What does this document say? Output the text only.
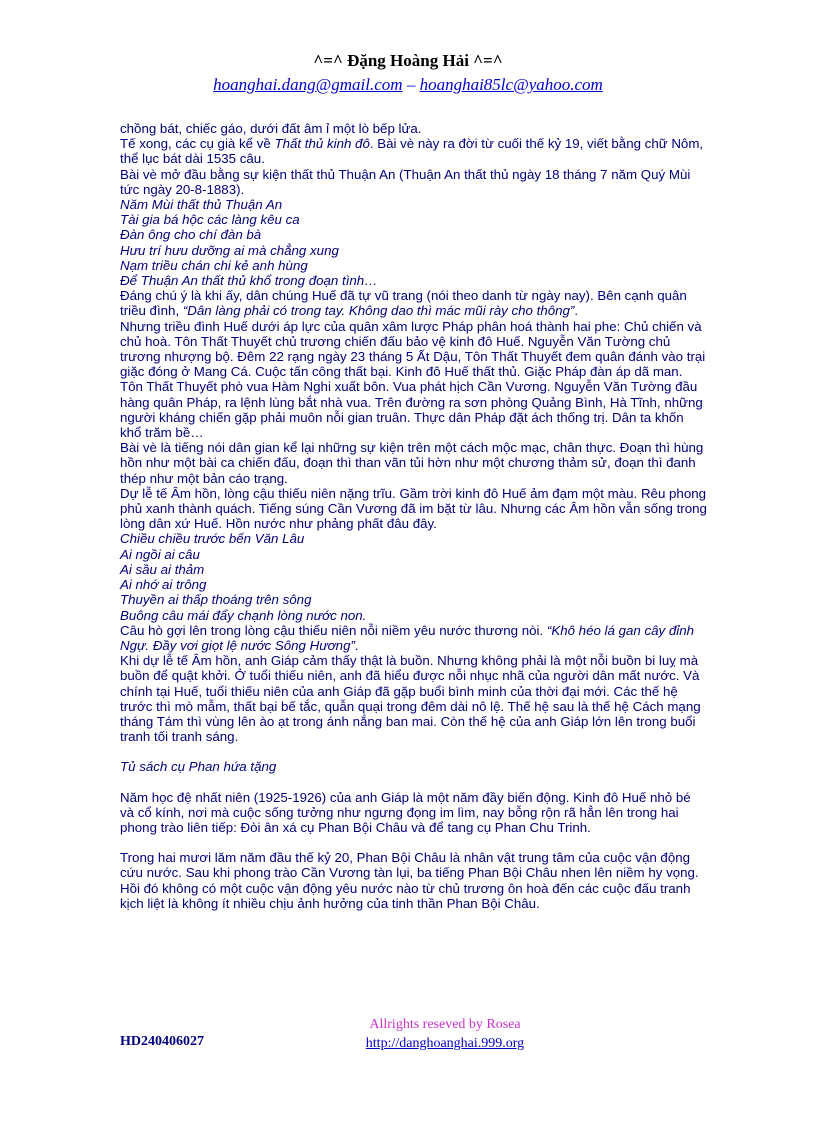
^=^ Đặng Hoàng Hải ^=^
hoanghai.dang@gmail.com – hoanghai85lc@yahoo.com

chồng bát, chiếc gáo, dưới đất âm ỉ một lò bếp lửa.

Tế xong, các cụ già kể về Thất thủ kinh đô. Bài vè này ra đời từ cuối thế kỷ 19, viết bằng chữ Nôm, thể lục bát dài 1535 câu.

Bài vè mở đầu bằng sự kiện thất thủ Thuận An (Thuận An thất thủ ngày 18 tháng 7 năm Quý Mùi tức ngày 20-8-1883).

Năm Mùi thất thủ Thuận An

Tài gia bá hộc các làng kêu ca

Đàn ông cho chí đàn bà

Hưu trí hưu dưỡng ai mà chẳng xung

Nạm triều chán chi kẻ anh hùng

Để Thuận An thất thủ khổ trong đoạn tình…

Đáng chú ý là khi ấy, dân chúng Huế đã tự vũ trang (nói theo danh từ ngày nay). Bên cạnh quân triều đình, “Dân làng phải có trong tay. Không dao thì mác mũi rày cho thông”.

Nhưng triều đình Huế dưới áp lực của quân xâm lược Pháp phân hoá thành hai phe: Chủ chiến và chủ hoà. Tôn Thất Thuyết chủ trương chiến đấu bảo vệ kinh đô Huế. Nguyễn Văn Tường chủ trương nhượng bộ. Đêm 22 rạng ngày 23 tháng 5 Ất Dậu, Tôn Thất Thuyết đem quân đánh vào trại giặc đóng ở Mang Cá. Cuộc tấn công thất bại. Kinh đô Huế thất thủ. Giặc Pháp đàn áp dã man.

Tôn Thất Thuyết phò vua Hàm Nghi xuất bôn. Vua phát hịch Cần Vương. Nguyễn Văn Tường đầu hàng quân Pháp, ra lệnh lùng bắt nhà vua. Trên đường ra sơn phòng Quảng Bình, Hà Tĩnh, những người kháng chiến gặp phải muôn nỗi gian truân. Thực dân Pháp đặt ách thống trị. Dân ta khốn khổ trăm bề…

Bài vè là tiếng nói dân gian kể lại những sự kiện trên một cách mộc mạc, chân thực. Đoạn thì hùng hồn như một bài ca chiến đấu, đoạn thì than vãn tủi hờn như một chương thảm sử, đoạn thì đanh thép như một bản cáo trạng.

Dự lễ tế Âm hồn, lòng cậu thiếu niên nặng trĩu. Gầm trời kinh đô Huế ảm đạm một màu. Rêu phong phủ xanh thành quách. Tiếng súng Cần Vương đã im bặt từ lâu. Nhưng các Âm hồn vẫn sống trong lòng dân xứ Huế. Hồn nước như phảng phất đâu đây.

Chiều chiều trước bến Văn Lâu

Ai ngồi ai câu

Ai sầu ai thảm

Ai nhớ ai trông

Thuyền ai thấp thoáng trên sông

Buông câu mái đẩy chạnh lòng nước non.

Câu hò gợi lên trong lòng cậu thiếu niên nỗi niềm yêu nước thương nòi. “Khô héo lá gan cây đỉnh Ngự. Đầy vơi giọt lệ nước Sông Hương”.

Khi dự lễ tế Âm hồn, anh Giáp cảm thấy thật là buồn. Nhưng không phải là một nỗi buồn bi luỵ mà buồn để quật khởi. Ở tuổi thiếu niên, anh đã hiểu được nỗi nhục nhã của người dân mất nước. Và chính tại Huế, tuổi thiếu niên của anh Giáp đã gặp buổi bình minh của thời đại mới. Các thế hệ trước thì mò mẫm, thất bại bế tắc, quẫn quại trong đêm dài nô lệ. Thế hệ sau là thế hệ Cách mạng tháng Tám thì vùng lên ào ạt trong ánh nắng ban mai. Còn thế hệ của anh Giáp lớn lên trong buổi tranh tối tranh sáng.

Tủ sách cụ Phan hứa tặng

Năm học đệ nhất niên (1925-1926) của anh Giáp là một năm đầy biến động. Kinh đô Huế nhỏ bé và cổ kính, nơi mà cuộc sống tưởng như ngưng đọng im lìm, nay bỗng rộn rã hẳn lên trong hai phong trào liên tiếp: Đòi ân xá cụ Phan Bội Châu và để tang cụ Phan Chu Trinh.

Trong hai mươi lăm năm đầu thế kỷ 20, Phan Bội Châu là nhân vật trung tâm của cuộc vận động cứu nước. Sau khi phong trào Cần Vương tàn lụi, ba tiếng Phan Bội Châu nhen lên niềm hy vọng. Hồi đó không có một cuộc vận động yêu nước nào từ chủ trương ôn hoà đến các cuộc đấu tranh kịch liệt là không ít nhiều chịu ảnh hưởng của tinh thần Phan Bội Châu.

Allrights reseved by Rosea
http://danghoanghai.999.org
HD240406027
